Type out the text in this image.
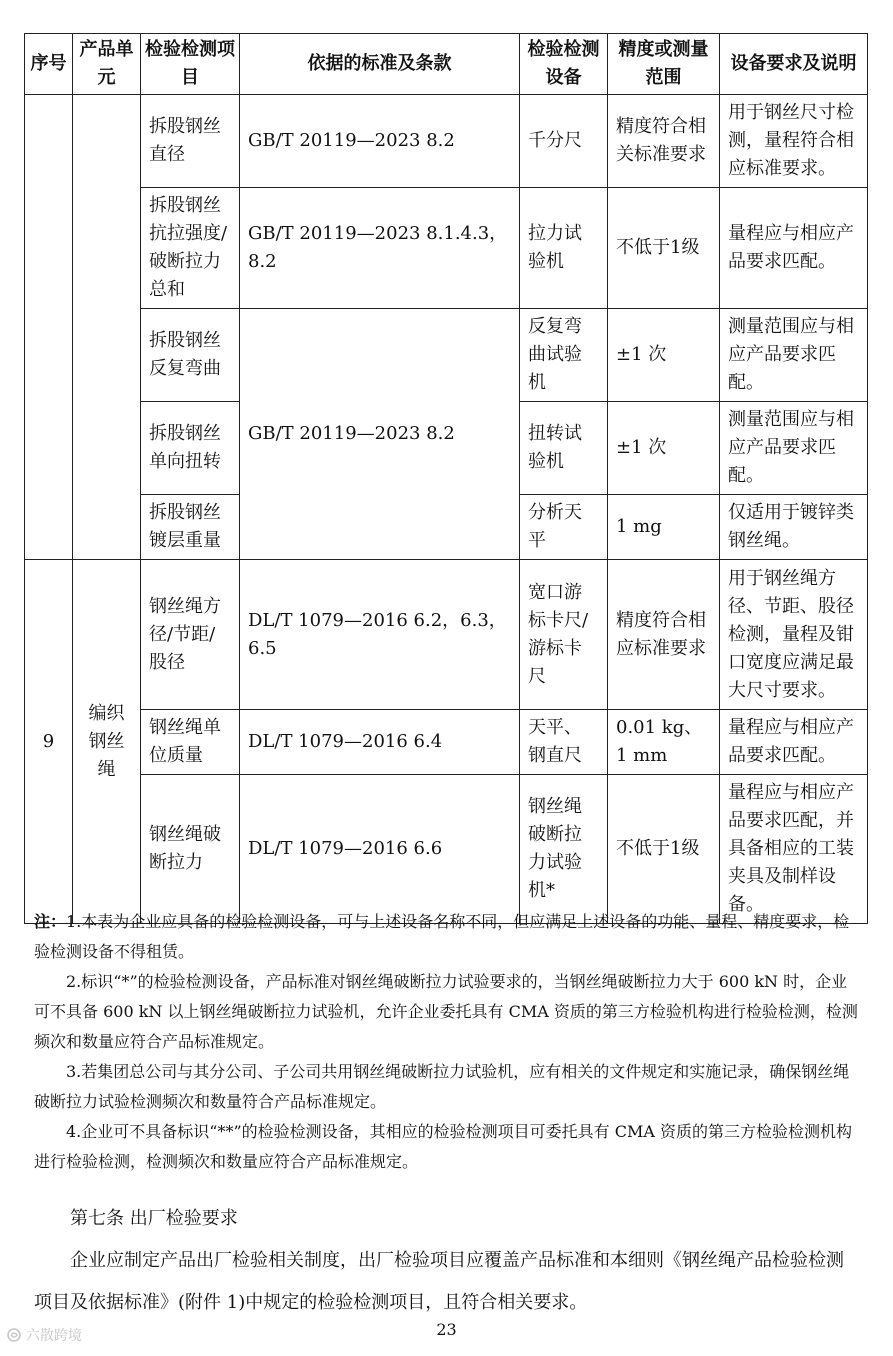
序号	产品单元	检验检测项目	依据的标准及条款	检验检测设备	精度或测量范围	设备要求及说明
		拆股钢丝直径	GB/T 20119—2023 8.2	千分尺	精度符合相关标准要求	用于钢丝尺寸检测，量程符合相应标准要求。
		拆股钢丝抗拉强度/破断拉力总和	GB/T 20119—2023 8.1.4.3，8.2	拉力试验机	不低于1级	量程应与相应产品要求匹配。
		拆股钢丝反复弯曲	GB/T 20119—2023 8.2	反复弯曲试验机	±1 次	测量范围应与相应产品要求匹配。
		拆股钢丝单向扭转		扭转试验机	±1 次	测量范围应与相应产品要求匹配。
		拆股钢丝镀层重量		分析天平	1 mg	仅适用于镀锌类钢丝绳。
9	编织钢丝绳	钢丝绳方径/节距/股径	DL/T 1079—2016 6.2，6.3，6.5	宽口游标卡尺/游标卡尺	精度符合相应标准要求	用于钢丝绳方径、节距、股径检测，量程及钳口宽度应满足最大尺寸要求。
		钢丝绳单位质量	DL/T 1079—2016 6.4	天平、钢直尺	0.01 kg、1 mm	量程应与相应产品要求匹配。
		钢丝绳破断拉力	DL/T 1079—2016 6.6	钢丝绳破断拉力试验机*	不低于1级	量程应与相应产品要求匹配，并具备相应的工装夹具及制样设备。

注：1.本表为企业应具备的检验检测设备，可与上述设备名称不同，但应满足上述设备的功能、量程、精度要求，检验检测设备不得租赁。

2.标识“*”的检验检测设备，产品标准对钢丝绳破断拉力试验要求的，当钢丝绳破断拉力大于 600 kN 时，企业可不具备 600 kN 以上钢丝绳破断拉力试验机，允许企业委托具有 CMA 资质的第三方检验机构进行检验检测，检测频次和数量应符合产品标准规定。

3.若集团总公司与其分公司、子公司共用钢丝绳破断拉力试验机，应有相关的文件规定和实施记录，确保钢丝绳破断拉力试验检测频次和数量符合产品标准规定。

4.企业可不具备标识“**”的检验检测设备，其相应的检验检测项目可委托具有 CMA 资质的第三方检验检测机构进行检验检测，检测频次和数量应符合产品标准规定。

第七条 出厂检验要求

企业应制定产品出厂检验相关制度，出厂检验项目应覆盖产品标准和本细则《钢丝绳产品检验检测项目及依据标准》(附件 1)中规定的检验检测项目，且符合相关要求。

23
六散跨境
